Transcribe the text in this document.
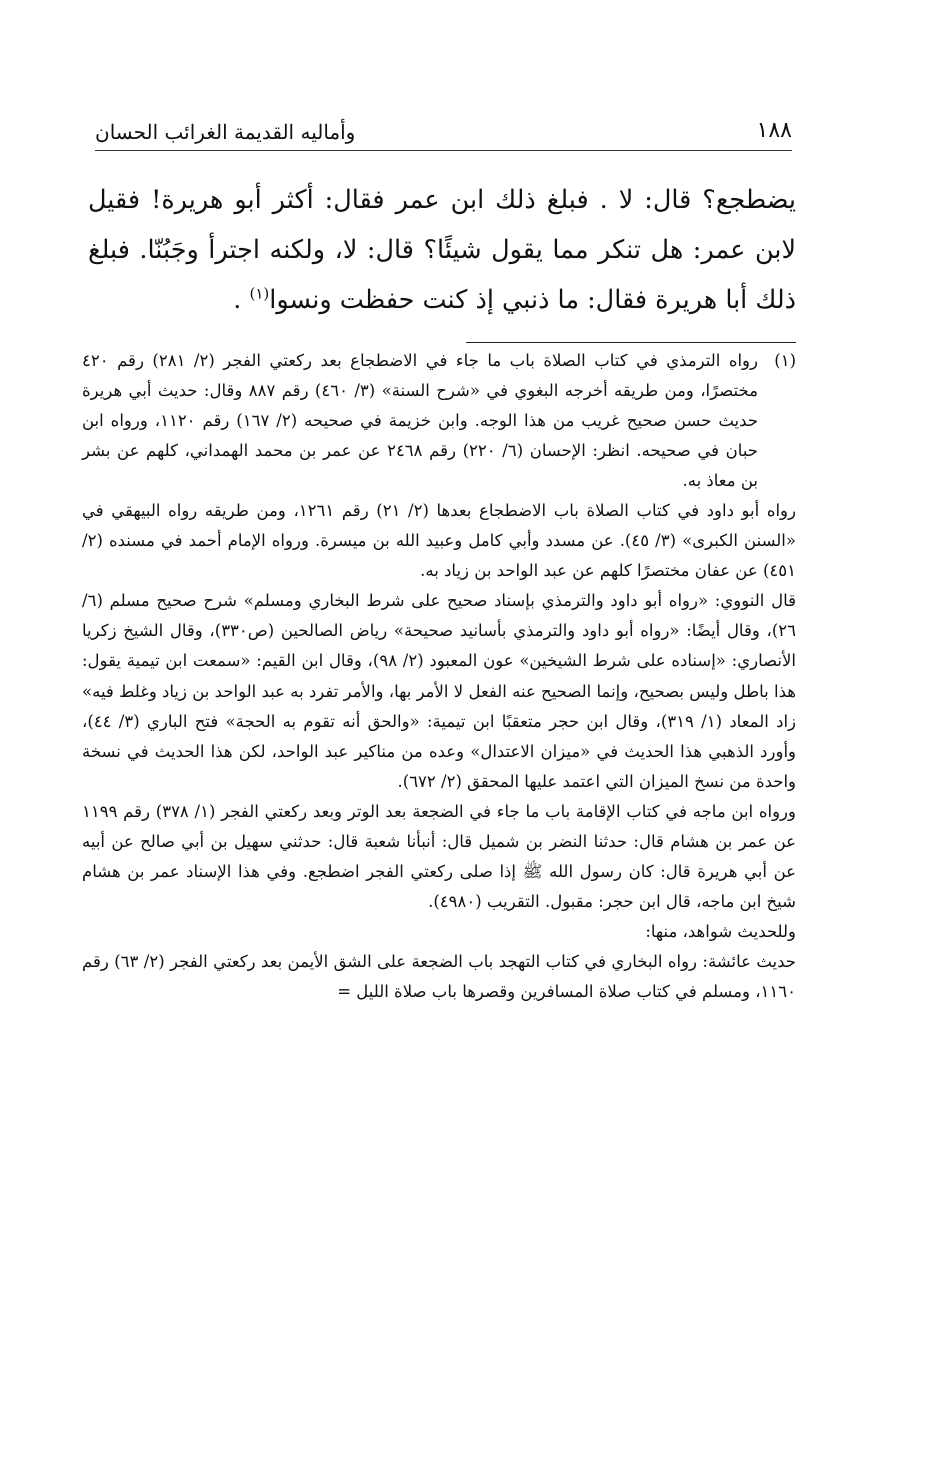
١٨٨
وأماليه القديمة الغرائب الحسان
يضطجع؟ قال: لا . فبلغ ذلك ابن عمر فقال: أكثر أبو هريرة! فقيل لابن عمر: هل تنكر مما يقول شيئًا؟ قال: لا، ولكنه اجترأ وجَبُنّا. فبلغ ذلك أبا هريرة فقال: ما ذنبي إذ كنت حفظت ونسوا$^{(١)}$ .
(١)
رواه الترمذي في كتاب الصلاة باب ما جاء في الاضطجاع بعد ركعتي الفجر (٢/ ٢٨١) رقم ٤٢٠ مختصرًا، ومن طريقه أخرجه البغوي في «شرح السنة» (٣/ ٤٦٠) رقم ٨٨٧ وقال: حديث أبي هريرة حديث حسن صحيح غريب من هذا الوجه. وابن خزيمة في صحيحه (٢/ ١٦٧) رقم ١١٢٠، ورواه ابن حبان في صحيحه. انظر: الإحسان (٦/ ٢٢٠) رقم ٢٤٦٨ عن عمر بن محمد الهمداني، كلهم عن بشر بن معاذ به.
رواه أبو داود في كتاب الصلاة باب الاضطجاع بعدها (٢/ ٢١) رقم ١٢٦١، ومن طريقه رواه البيهقي في «السنن الكبرى» (٣/ ٤٥). عن مسدد وأبي كامل وعبيد الله بن ميسرة. ورواه الإمام أحمد في مسنده (٢/ ٤٥١) عن عفان مختصرًا كلهم عن عبد الواحد بن زياد به.
قال النووي: «رواه أبو داود والترمذي بإسناد صحيح على شرط البخاري ومسلم» شرح صحيح مسلم (٦/ ٢٦)، وقال أيضًا: «رواه أبو داود والترمذي بأسانيد صحيحة» رياض الصالحين (ص٣٣٠)، وقال الشيخ زكريا الأنصاري: «إسناده على شرط الشيخين» عون المعبود (٢/ ٩٨)، وقال ابن القيم: «سمعت ابن تيمية يقول: هذا باطل وليس بصحيح، وإنما الصحيح عنه الفعل لا الأمر بها، والأمر تفرد به عبد الواحد بن زياد وغلط فيه» زاد المعاد (١/ ٣١٩)، وقال ابن حجر متعقبًا ابن تيمية: «والحق أنه تقوم به الحجة» فتح الباري (٣/ ٤٤)، وأورد الذهبي هذا الحديث في «ميزان الاعتدال» وعده من مناكير عبد الواحد، لكن هذا الحديث في نسخة واحدة من نسخ الميزان التي اعتمد عليها المحقق (٢/ ٦٧٢).
ورواه ابن ماجه في كتاب الإقامة باب ما جاء في الضجعة بعد الوتر وبعد ركعتي الفجر (١/ ٣٧٨) رقم ١١٩٩ عن عمر بن هشام قال: حدثنا النضر بن شميل قال: أنبأنا شعبة قال: حدثني سهيل بن أبي صالح عن أبيه عن أبي هريرة قال: كان رسول الله ﷺ إذا صلى ركعتي الفجر اضطجع. وفي هذا الإسناد عمر بن هشام شيخ ابن ماجه، قال ابن حجر: مقبول. التقريب (٤٩٨٠).
وللحديث شواهد، منها:
حديث عائشة: رواه البخاري في كتاب التهجد باب الضجعة على الشق الأيمن بعد ركعتي الفجر (٢/ ٦٣) رقم ١١٦٠، ومسلم في كتاب صلاة المسافرين وقصرها باب صلاة الليل =
